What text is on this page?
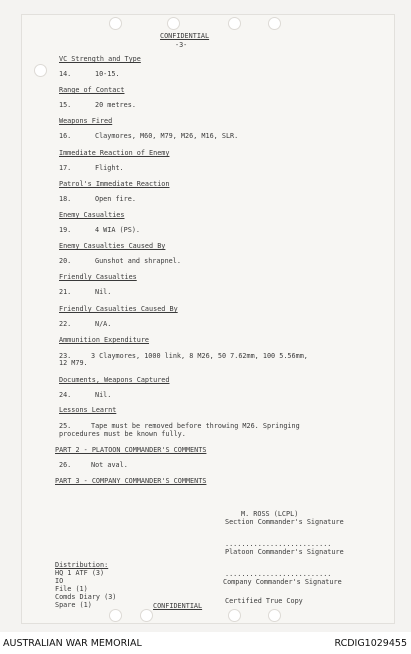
CONFIDENTIAL
-3-
VC Strength and Type
14.	10-15.
Range of Contact
15.	20 metres.
Weapons Fired
16.	Claymores, M60, M79, M26, M16, SLR.
Immediate Reaction of Enemy
17.	Flight.
Patrol's Immediate Reaction
18.	Open fire.
Enemy Casualties
19.	4 WIA (PS).
Enemy Casualties Caused By
20.	Gunshot and shrapnel.
Friendly Casualties
21.	Nil.
Friendly Casualties Caused By
22.	N/A.
Ammunition Expenditure
23.	3 Claymores, 1000 link, 8 M26, 50 7.62mm, 100 5.56mm,
12 M79.
Documents, Weapons Captured
24.	Nil.
Lessons Learnt
25.	Tape must be removed before throwing M26. Springing
procedures must be known fully.
PART 2 - PLATOON COMMANDER'S COMMENTS
26.	Not aval.
PART 3 - COMPANY COMMANDER'S COMMENTS
M. ROSS (LCPL)
Section Commander's Signature
..........................
Platoon Commander's Signature
..........................
Company Commander's Signature
Certified True Copy
Distribution:
HQ 1 ATF (3)
IO
File (1)
Comds Diary (3)
Spare (1)	CONFIDENTIAL
AUSTRALIAN WAR MEMORIAL	RCDIG1029455
